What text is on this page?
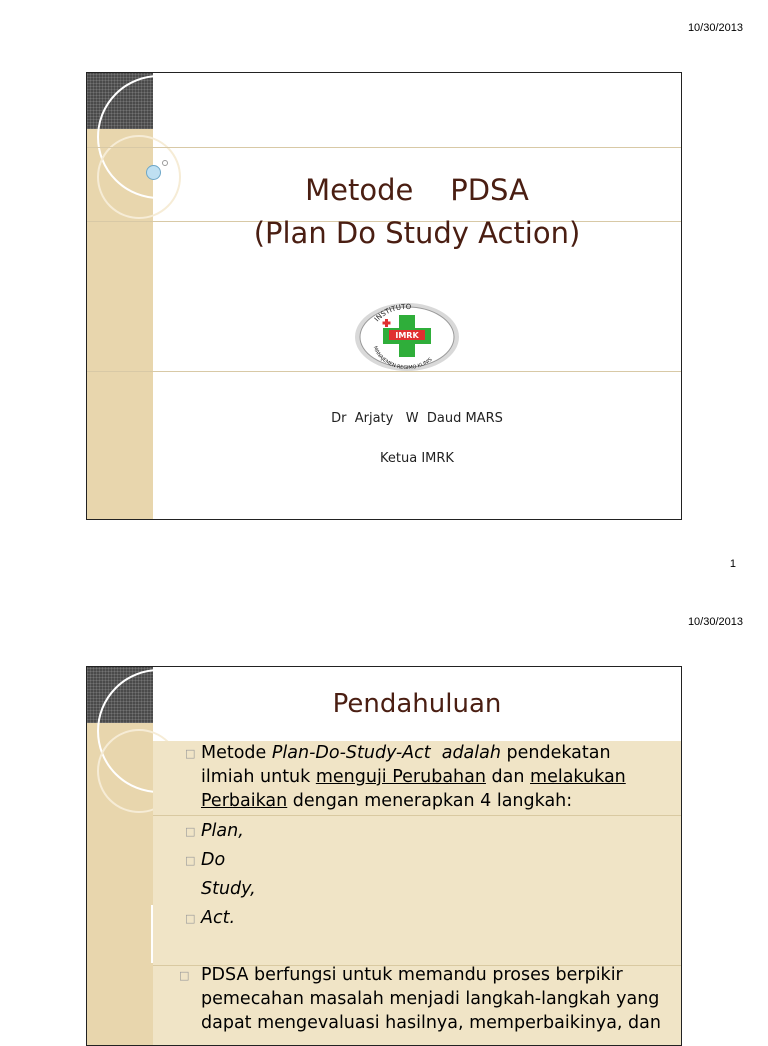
10/30/2013
Metode    PDSA
(Plan Do Study Action)
INSTITUTO
MANAJEMEN REGIMO KLINIS
IMRK
Dr  Arjaty   W  Daud MARS
Ketua IMRK
1
10/30/2013
Pendahuluan
□ Metode Plan-Do-Study-Act  adalah pendekatan
ilmiah untuk menguji Perubahan dan melakukan
Perbaikan dengan menerapkan 4 langkah:
□ Plan,
□ Do
Study,
□ Act.
□ PDSA berfungsi untuk memandu proses berpikir
pemecahan masalah menjadi langkah-langkah yang
dapat mengevaluasi hasilnya, memperbaikinya, dan
